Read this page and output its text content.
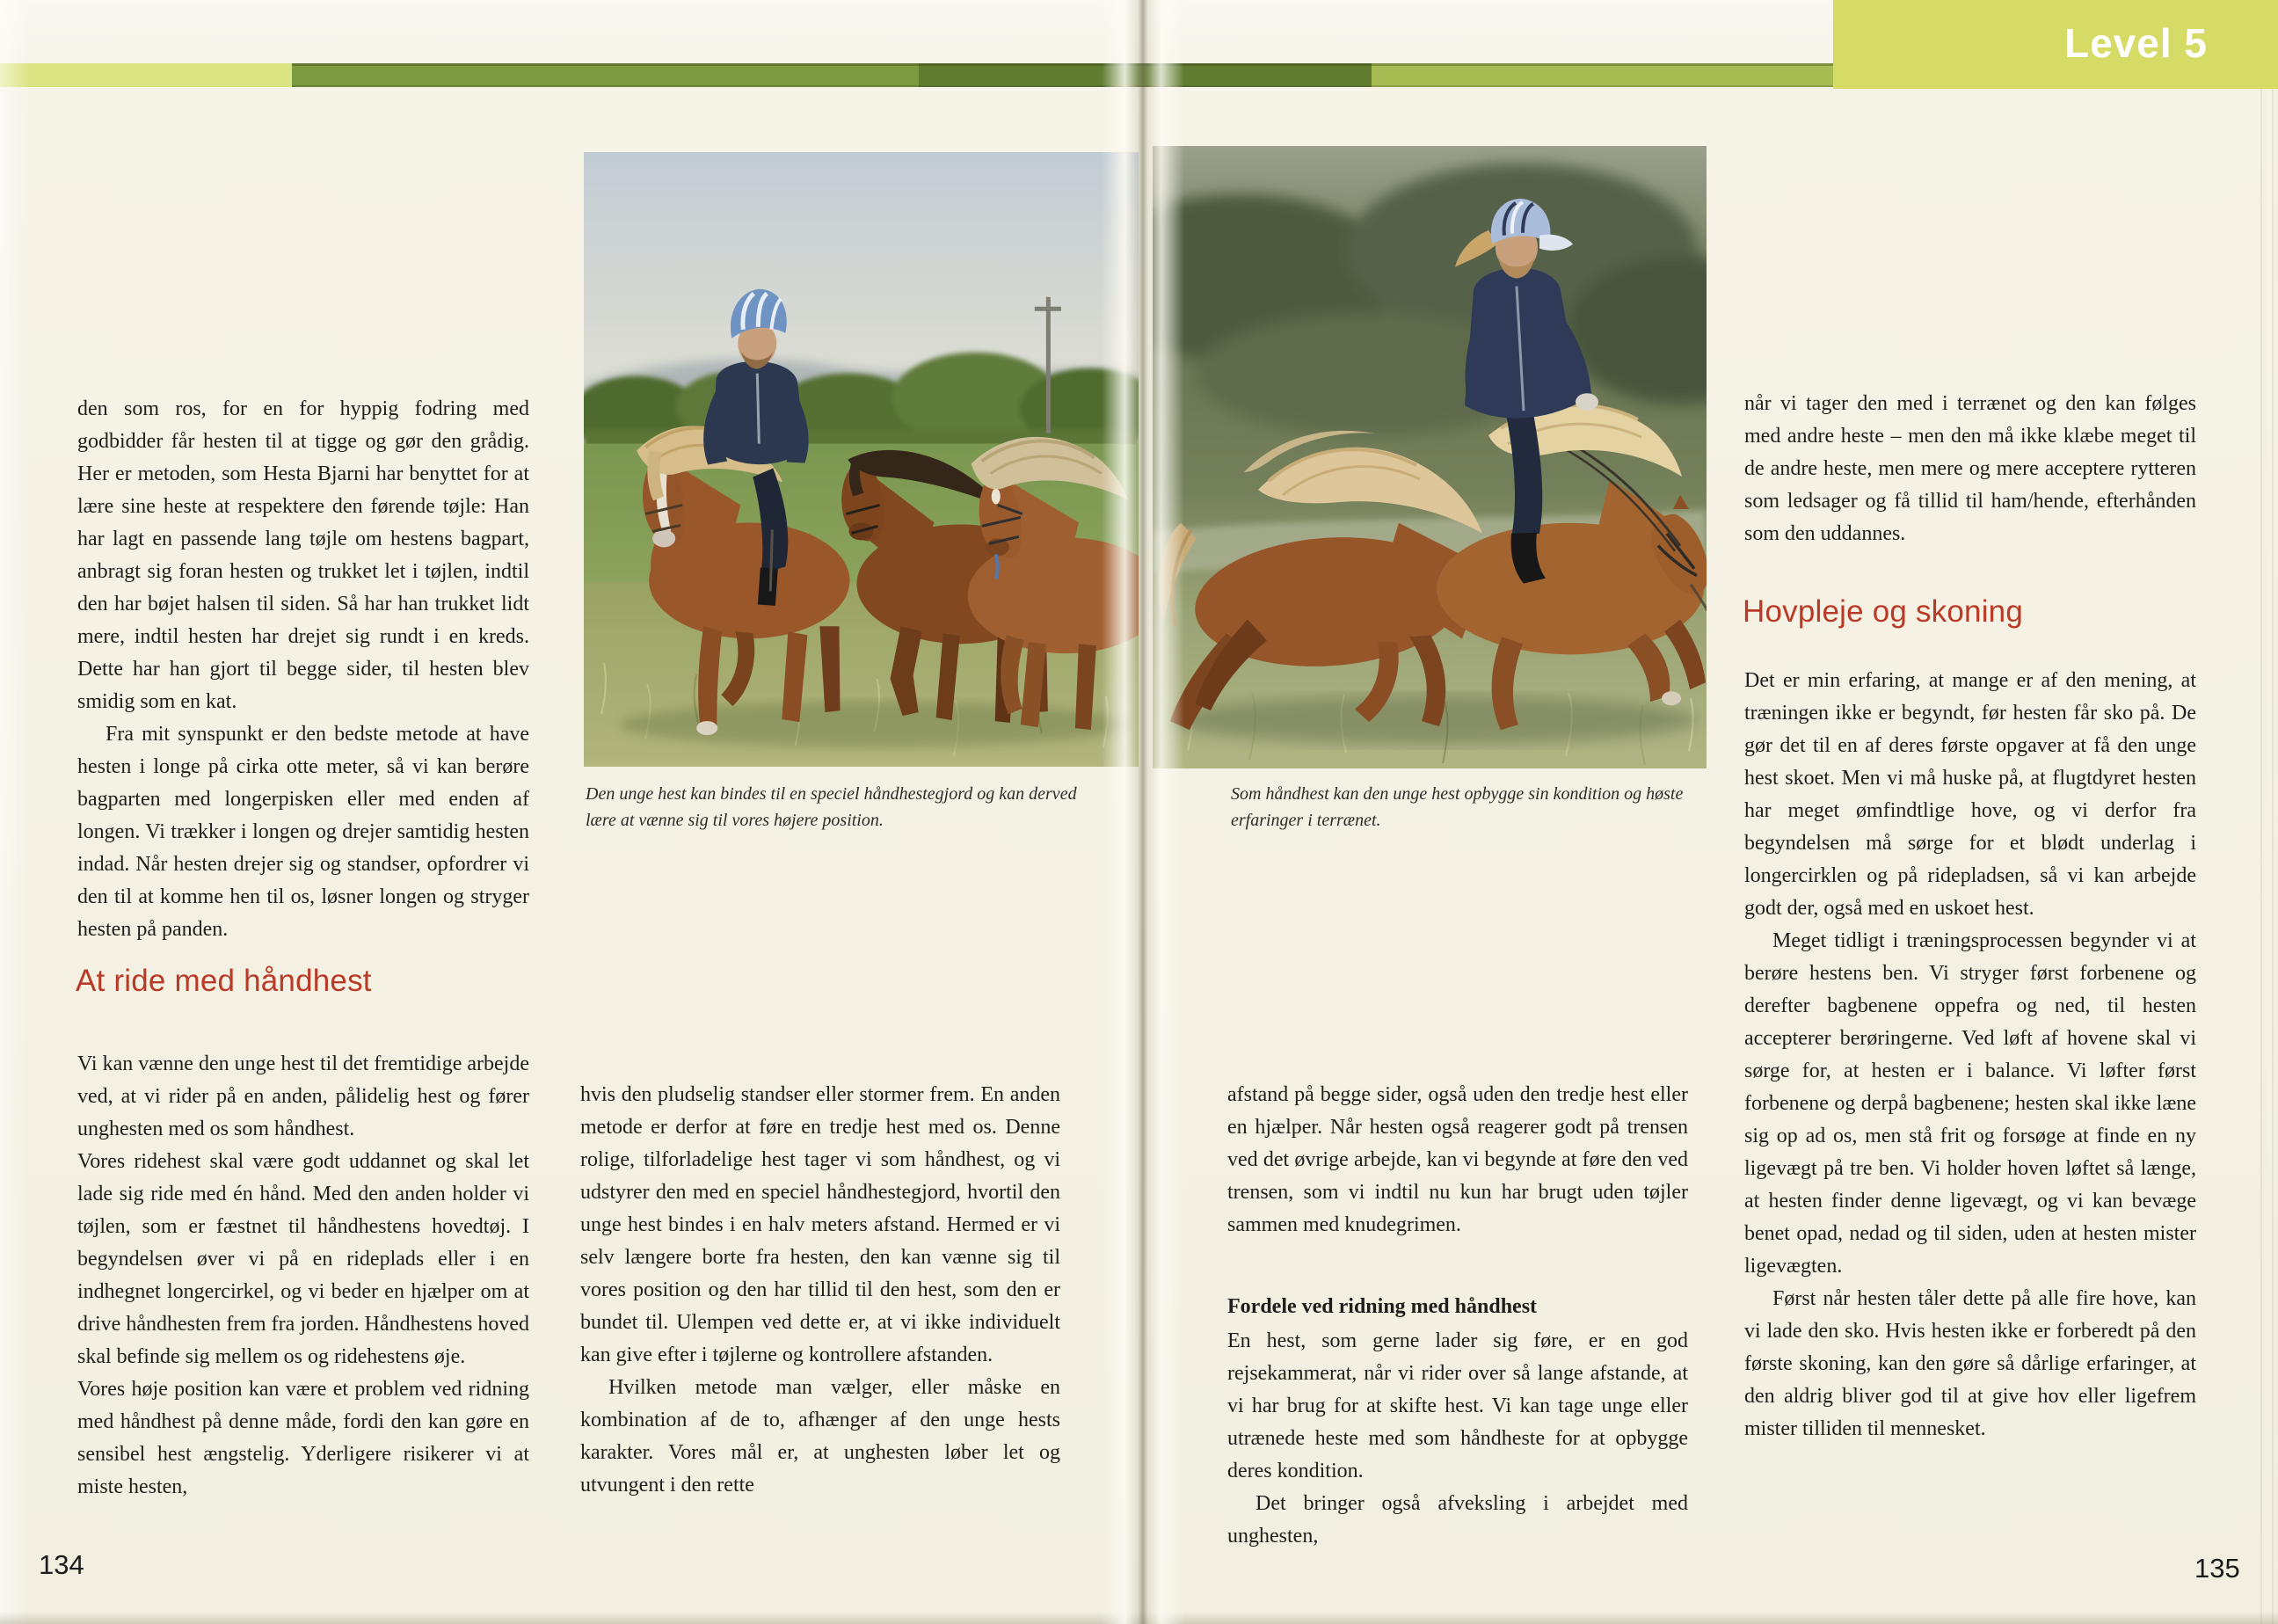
Level 5

den som ros, for en for hyppig fodring med godbidder får hesten til at tigge og gør den grådig. Her er metoden, som Hesta Bjarni har benyttet for at lære sine heste at respektere den førende tøjle: Han har lagt en passende lang tøjle om hestens bagpart, anbragt sig foran hesten og trukket let i tøjlen, indtil den har bøjet halsen til siden. Så har han trukket lidt mere, indtil hesten har drejet sig rundt i en kreds. Dette har han gjort til begge sider, til hesten blev smidig som en kat.

Fra mit synspunkt er den bedste metode at have hesten i longe på cirka otte meter, så vi kan berøre bagparten med longerpisken eller med enden af longen. Vi trækker i longen og drejer samtidig hesten indad. Når hesten drejer sig og standser, opfordrer vi den til at komme hen til os, løsner longen og stryger hesten på panden.

At ride med håndhest

Vi kan vænne den unge hest til det fremtidige arbejde ved, at vi rider på en anden, pålidelig hest og fører unghesten med os som håndhest.

Vores ridehest skal være godt uddannet og skal let lade sig ride med én hånd. Med den anden holder vi tøjlen, som er fæstnet til håndhestens hovedtøj. I begyndelsen øver vi på en rideplads eller i en indhegnet longercirkel, og vi beder en hjælper om at drive håndhesten frem fra jorden. Håndhestens hoved skal befinde sig mellem os og ridehestens øje.

Vores høje position kan være et problem ved ridning med håndhest på denne måde, fordi den kan gøre en sensibel hest ængstelig. Yderligere risikerer vi at miste hesten,

hvis den pludselig standser eller stormer frem. En anden metode er derfor at føre en tredje hest med os. Denne rolige, tilforladelige hest tager vi som håndhest, og vi udstyrer den med en speciel håndhestegjord, hvortil den unge hest bindes i en halv meters afstand. Hermed er vi selv længere borte fra hesten, den kan vænne sig til vores position og den har tillid til den hest, som den er bundet til. Ulempen ved dette er, at vi ikke individuelt kan give efter i tøjlerne og kontrollere afstanden.

Hvilken metode man vælger, eller måske en kombination af de to, afhænger af den unge hests karakter. Vores mål er, at unghesten løber let og utvungent i den rette

Den unge hest kan bindes til en speciel håndhestegjord og kan derved lære at vænne sig til vores højere position.
134
Som håndhest kan den unge hest opbygge sin kondition og høste erfaringer i terrænet.

afstand på begge sider, også uden den tredje hest eller en hjælper. Når hesten også reagerer godt på trensen ved det øvrige arbejde, kan vi begynde at føre den ved trensen, som vi indtil nu kun har brugt uden tøjler sammen med knudegrimen.

Fordele ved ridning med håndhest

En hest, som gerne lader sig føre, er en god rejsekammerat, når vi rider over så lange afstande, at vi har brug for at skifte hest. Vi kan tage unge eller utrænede heste med som håndheste for at opbygge deres kondition.

Det bringer også afveksling i arbejdet med unghesten,

når vi tager den med i terrænet og den kan følges med andre heste – men den må ikke klæbe meget til de andre heste, men mere og mere acceptere rytteren som ledsager og få tillid til ham/hende, efterhånden som den uddannes.

Hovpleje og skoning

Det er min erfaring, at mange er af den mening, at træningen ikke er begyndt, før hesten får sko på. De gør det til en af deres første opgaver at få den unge hest skoet. Men vi må huske på, at flugtdyret hesten har meget ømfindtlige hove, og vi derfor fra begyndelsen må sørge for et blødt underlag i longercirklen og på ridepladsen, så vi kan arbejde godt der, også med en uskoet hest.

Meget tidligt i træningsprocessen begynder vi at berøre hestens ben. Vi stryger først forbenene og derefter bagbenene oppefra og ned, til hesten accepterer berøringerne. Ved løft af hovene skal vi sørge for, at hesten er i balance. Vi løfter først forbenene og derpå bagbenene; hesten skal ikke læne sig op ad os, men stå frit og forsøge at finde en ny ligevægt på tre ben. Vi holder hoven løftet så længe, at hesten finder denne ligevægt, og vi kan bevæge benet opad, nedad og til siden, uden at hesten mister ligevægten.

Først når hesten tåler dette på alle fire hove, kan vi lade den sko. Hvis hesten ikke er forberedt på den første skoning, kan den gøre så dårlige erfaringer, at den aldrig bliver god til at give hov eller ligefrem mister tilliden til mennesket.

135
